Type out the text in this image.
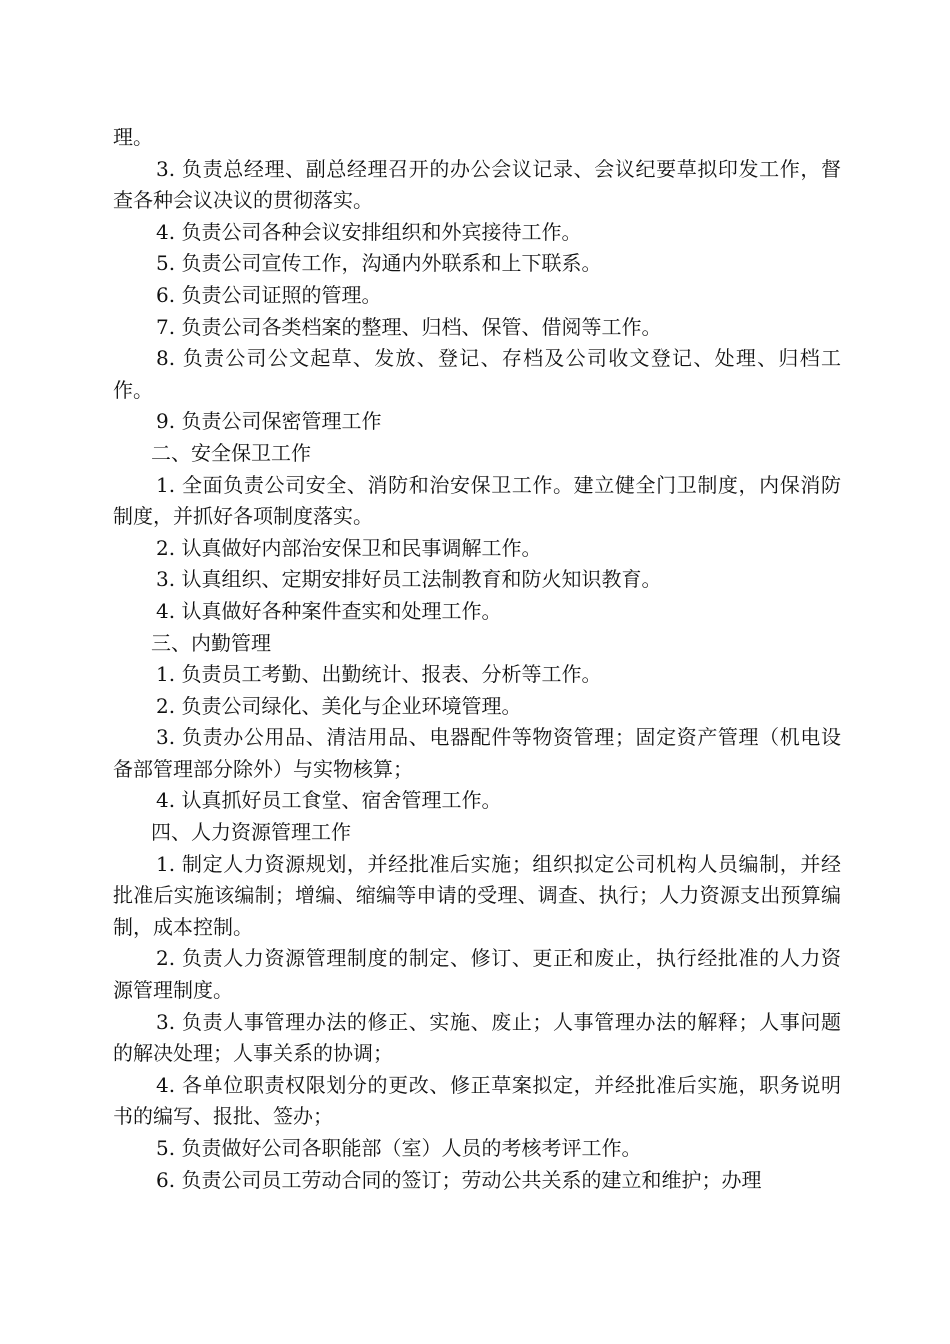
理。

3. 负责总经理、副总经理召开的办公会议记录、会议纪要草拟印发工作，督查各种会议决议的贯彻落实。

4. 负责公司各种会议安排组织和外宾接待工作。

5. 负责公司宣传工作，沟通内外联系和上下联系。

6. 负责公司证照的管理。

7. 负责公司各类档案的整理、归档、保管、借阅等工作。

8. 负责公司公文起草、发放、登记、存档及公司收文登记、处理、归档工作。

9. 负责公司保密管理工作

二、安全保卫工作

1. 全面负责公司安全、消防和治安保卫工作。建立健全门卫制度，内保消防制度，并抓好各项制度落实。

2. 认真做好内部治安保卫和民事调解工作。

3. 认真组织、定期安排好员工法制教育和防火知识教育。

4. 认真做好各种案件查实和处理工作。

三、内勤管理

1. 负责员工考勤、出勤统计、报表、分析等工作。

2. 负责公司绿化、美化与企业环境管理。

3. 负责办公用品、清洁用品、电器配件等物资管理；固定资产管理（机电设备部管理部分除外）与实物核算；

4. 认真抓好员工食堂、宿舍管理工作。

四、人力资源管理工作

1. 制定人力资源规划，并经批准后实施；组织拟定公司机构人员编制，并经批准后实施该编制；增编、缩编等申请的受理、调查、执行；人力资源支出预算编制，成本控制。

2. 负责人力资源管理制度的制定、修订、更正和废止，执行经批准的人力资源管理制度。

3. 负责人事管理办法的修正、实施、废止；人事管理办法的解释；人事问题的解决处理；人事关系的协调；

4. 各单位职责权限划分的更改、修正草案拟定，并经批准后实施，职务说明书的编写、报批、签办；

5. 负责做好公司各职能部（室）人员的考核考评工作。

6. 负责公司员工劳动合同的签订；劳动公共关系的建立和维护；办理
